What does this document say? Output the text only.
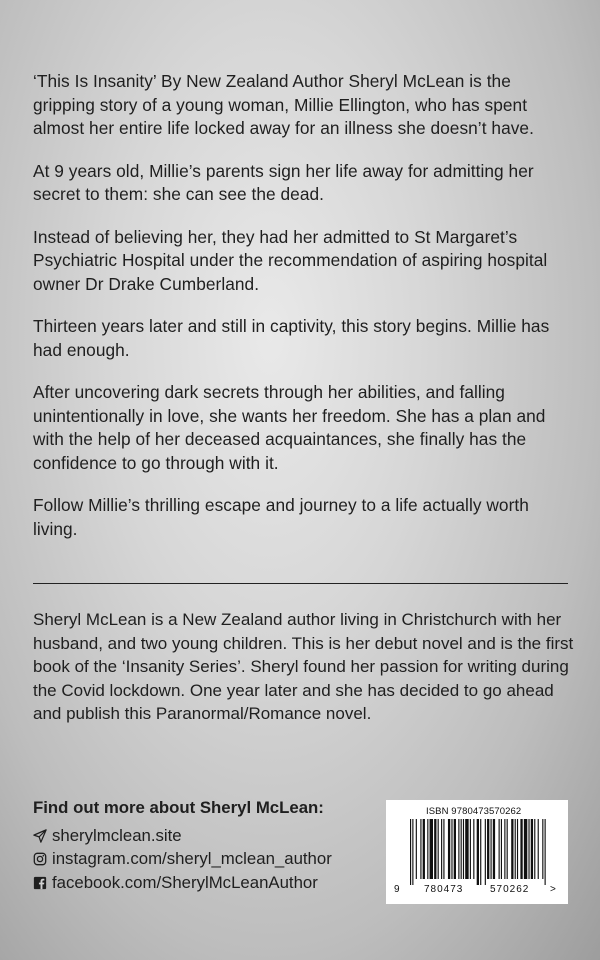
‘This Is Insanity’ By New Zealand Author Sheryl McLean is the gripping story of a young woman, Millie Ellington, who has spent almost her entire life locked away for an illness she doesn’t have.

At 9 years old, Millie’s parents sign her life away for admitting her secret to them: she can see the dead.

Instead of believing her, they had her admitted to St Margaret’s Psychiatric Hospital under the recommendation of aspiring hospital owner Dr Drake Cumberland.

Thirteen years later and still in captivity, this story begins. Millie has had enough.

After uncovering dark secrets through her abilities, and falling unintentionally in love, she wants her freedom. She has a plan and with the help of her deceased acquaintances, she finally has the confidence to go through with it.

Follow Millie’s thrilling escape and journey to a life actually worth living.

Sheryl McLean is a New Zealand author living in Christchurch with her husband, and two young children. This is her debut novel and is the first book of the ‘Insanity Series’. Sheryl found her passion for writing during the Covid lockdown. One year later and she has decided to go ahead and publish this Paranormal/Romance novel.

Find out more about Sheryl McLean:
sherylmclean.site
instagram.com/sheryl_mclean_author
facebook.com/SherylMcLeanAuthor
ISBN 9780473570262
9 780473	570262 >
